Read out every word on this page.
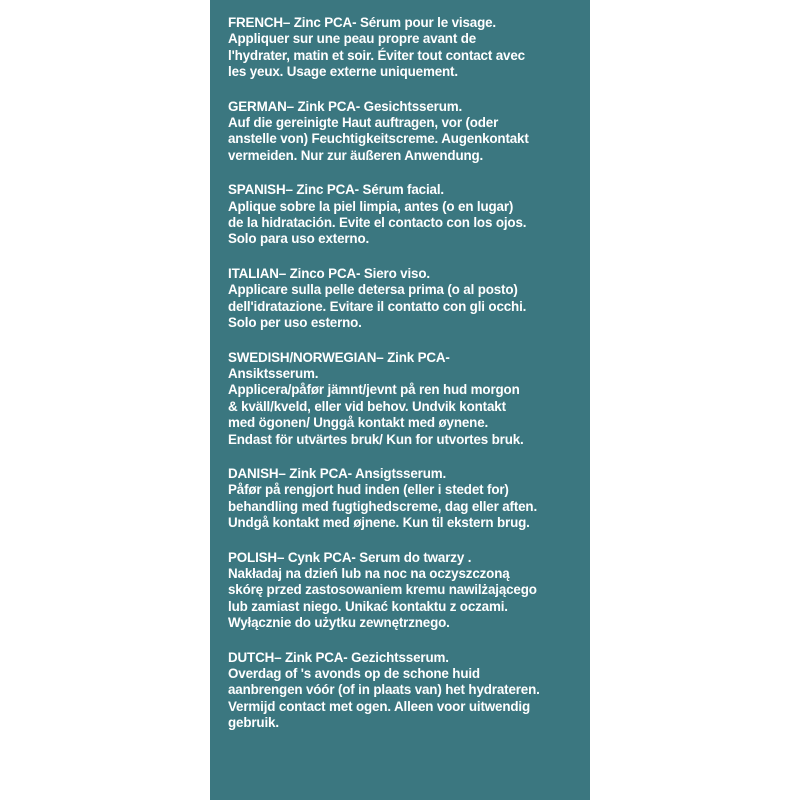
FRENCH– Zinc PCA- Sérum pour le visage.

Appliquer sur une peau propre avant de

l'hydrater, matin et soir. Éviter tout contact avec

les yeux. Usage externe uniquement.

GERMAN– Zink PCA- Gesichtsserum.

Auf die gereinigte Haut auftragen, vor (oder

anstelle von) Feuchtigkeitscreme. Augenkontakt

vermeiden. Nur zur äußeren Anwendung.

SPANISH– Zinc PCA- Sérum facial.

Aplique sobre la piel limpia, antes (o en lugar)

de la hidratación. Evite el contacto con los ojos.

Solo para uso externo.

ITALIAN– Zinco PCA- Siero viso.

Applicare sulla pelle detersa prima (o al posto)

dell'idratazione. Evitare il contatto con gli occhi.

Solo per uso esterno.

SWEDISH/NORWEGIAN– Zink PCA-

Ansiktsserum.

Applicera/påfør jämnt/jevnt på ren hud morgon

& kväll/kveld, eller vid behov. Undvik kontakt

med ögonen/ Unggå kontakt med øynene.

Endast för utvärtes bruk/ Kun for utvortes bruk.

DANISH– Zink PCA- Ansigtsserum.

Påfør på rengjort hud inden (eller i stedet for)

behandling med fugtighedscreme, dag eller aften.

Undgå kontakt med øjnene. Kun til ekstern brug.

POLISH– Cynk PCA- Serum do twarzy .

Nakładaj na dzień lub na noc na oczyszczoną

skórę przed zastosowaniem kremu nawilżającego

lub zamiast niego. Unikać kontaktu z oczami.

Wyłącznie do użytku zewnętrznego.

DUTCH– Zink PCA- Gezichtsserum.

Overdag of 's avonds op de schone huid

aanbrengen vóór (of in plaats van) het hydrateren.

Vermijd contact met ogen. Alleen voor uitwendig

gebruik.
